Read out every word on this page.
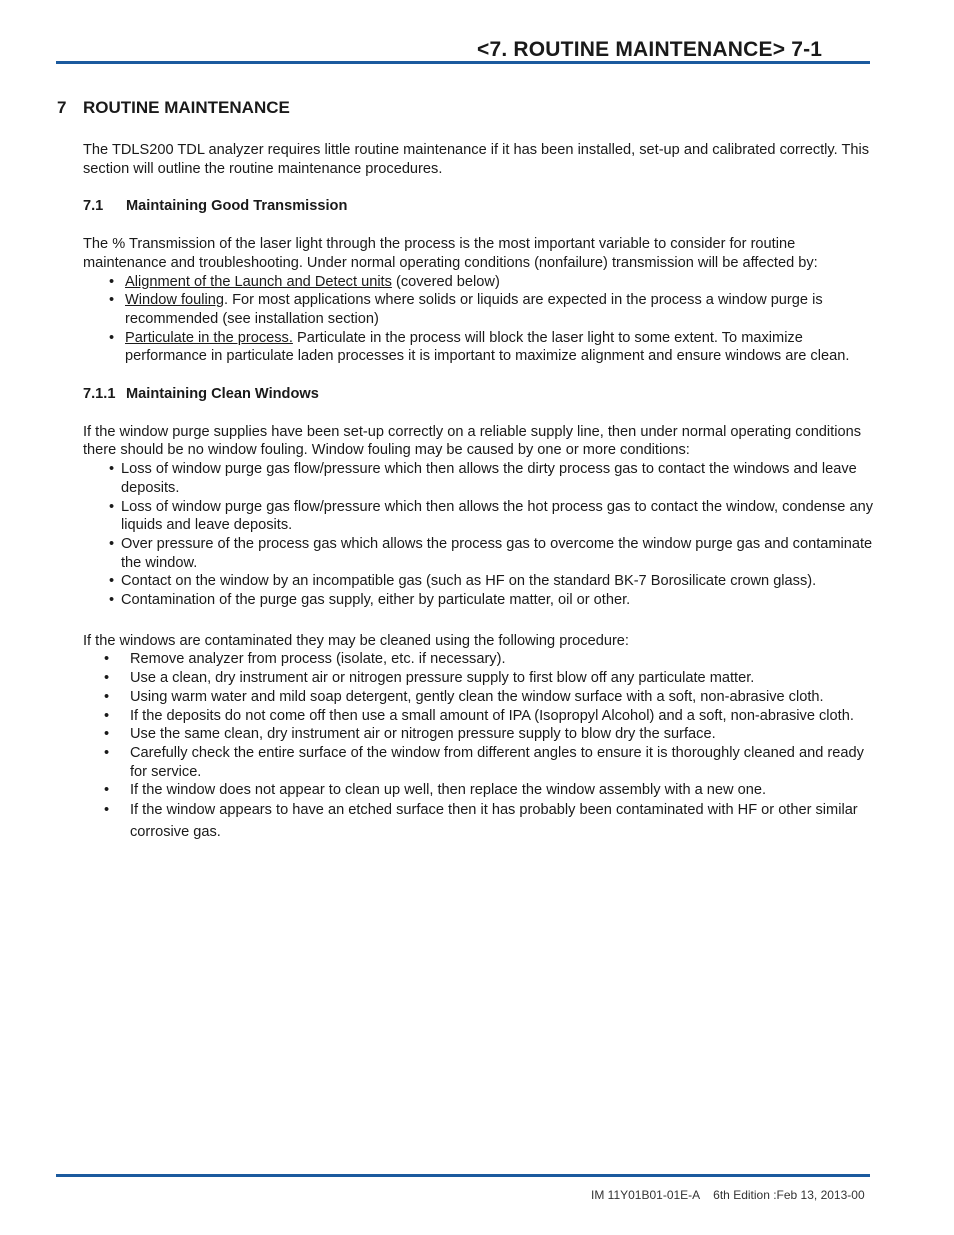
<7. ROUTINE MAINTENANCE> 7-1
7 ROUTINE MAINTENANCE

The TDLS200 TDL analyzer requires little routine maintenance if it has been installed, set-up and calibrated correctly. This section will outline the routine maintenance procedures.

7.1 Maintaining Good Transmission

The % Transmission of the laser light through the process is the most important variable to consider for routine maintenance and troubleshooting. Under normal operating conditions (nonfailure) transmission will be affected by:

• Alignment of the Launch and Detect units (covered below)
• Window fouling. For most applications where solids or liquids are expected in the process a window purge is recommended (see installation section)
• Particulate in the process. Particulate in the process will block the laser light to some extent. To maximize performance in particulate laden processes it is important to maximize alignment and ensure windows are clean.

7.1.1 Maintaining Clean Windows

If the window purge supplies have been set-up correctly on a reliable supply line, then under normal operating conditions there should be no window fouling. Window fouling may be caused by one or more conditions:

• Loss of window purge gas flow/pressure which then allows the dirty process gas to contact the windows and leave deposits.
• Loss of window purge gas flow/pressure which then allows the hot process gas to contact the window, condense any liquids and leave deposits.
• Over pressure of the process gas which allows the process gas to overcome the window purge gas and contaminate the window.
• Contact on the window by an incompatible gas (such as HF on the standard BK-7 Borosilicate crown glass).
• Contamination of the purge gas supply, either by particulate matter, oil or other.

If the windows are contaminated they may be cleaned using the following procedure:

• Remove analyzer from process (isolate, etc. if necessary).
• Use a clean, dry instrument air or nitrogen pressure supply to first blow off any particulate matter.
• Using warm water and mild soap detergent, gently clean the window surface with a soft, non-abrasive cloth.
• If the deposits do not come off then use a small amount of IPA (Isopropyl Alcohol) and a soft, non-abrasive cloth.
• Use the same clean, dry instrument air or nitrogen pressure supply to blow dry the surface.
• Carefully check the entire surface of the window from different angles to ensure it is thoroughly cleaned and ready for service.
• If the window does not appear to clean up well, then replace the window assembly with a new one.
• If the window appears to have an etched surface then it has probably been contaminated with HF or other similar corrosive gas.
IM 11Y01B01-01E-A 6th Edition :Feb 13, 2013-00
